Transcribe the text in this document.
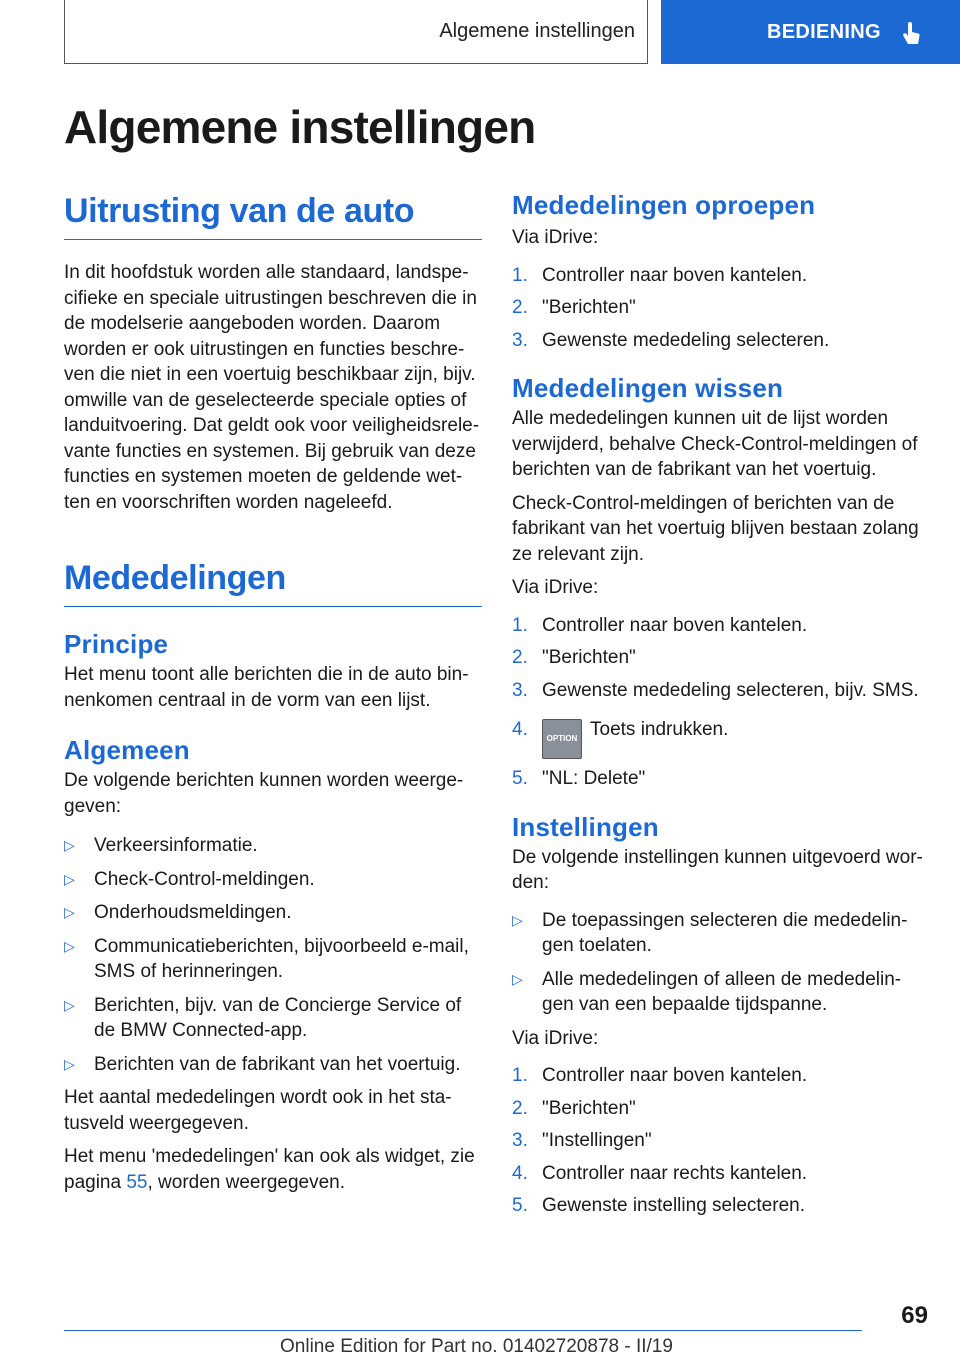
Algemene instellingen	BEDIENING
Algemene instellingen
Uitrusting van de auto

In dit hoofdstuk worden alle standaard, landspe-cifieke en speciale uitrustingen beschreven die in de modelserie aangeboden worden. Daarom worden er ook uitrustingen en functies beschre-ven die niet in een voertuig beschikbaar zijn, bijv. omwille van de geselecteerde speciale opties of landuitvoering. Dat geldt ook voor veiligheidsrele-vante functies en systemen. Bij gebruik van deze functies en systemen moeten de geldende wet-ten en voorschriften worden nageleefd.

Mededelingen
Principe

Het menu toont alle berichten die in de auto bin-nenkomen centraal in de vorm van een lijst.

Algemeen

De volgende berichten kunnen worden weerge-geven:

▷ Verkeersinformatie.
▷ Check-Control-meldingen.
▷ Onderhoudsmeldingen.
▷ Communicatieberichten, bijvoorbeeld e-mail, SMS of herinneringen.
▷ Berichten, bijv. van de Concierge Service of de BMW Connected-app.
▷ Berichten van de fabrikant van het voertuig.

Het aantal mededelingen wordt ook in het sta-tusveld weergegeven.

Het menu 'mededelingen' kan ook als widget, zie pagina 55, worden weergegeven.

Mededelingen oproepen

Via iDrive:

1. Controller naar boven kantelen.
2. "Berichten"
3. Gewenste mededeling selecteren.
Mededelingen wissen

Alle mededelingen kunnen uit de lijst worden verwijderd, behalve Check-Control-meldingen of berichten van de fabrikant van het voertuig.

Check-Control-meldingen of berichten van de fabrikant van het voertuig blijven bestaan zolang ze relevant zijn.

Via iDrive:

1. Controller naar boven kantelen.
2. "Berichten"
3. Gewenste mededeling selecteren, bijv. SMS.
4. OPTION Toets indrukken.
5. "NL: Delete"
Instellingen

De volgende instellingen kunnen uitgevoerd wor-den:

▷ De toepassingen selecteren die mededelin-gen toelaten.
▷ Alle mededelingen of alleen de mededelin-gen van een bepaalde tijdspanne.

Via iDrive:

1. Controller naar boven kantelen.
2. "Berichten"
3. "Instellingen"
4. Controller naar rechts kantelen.
5. Gewenste instelling selecteren.
69
Online Edition for Part no. 01402720878 - II/19
